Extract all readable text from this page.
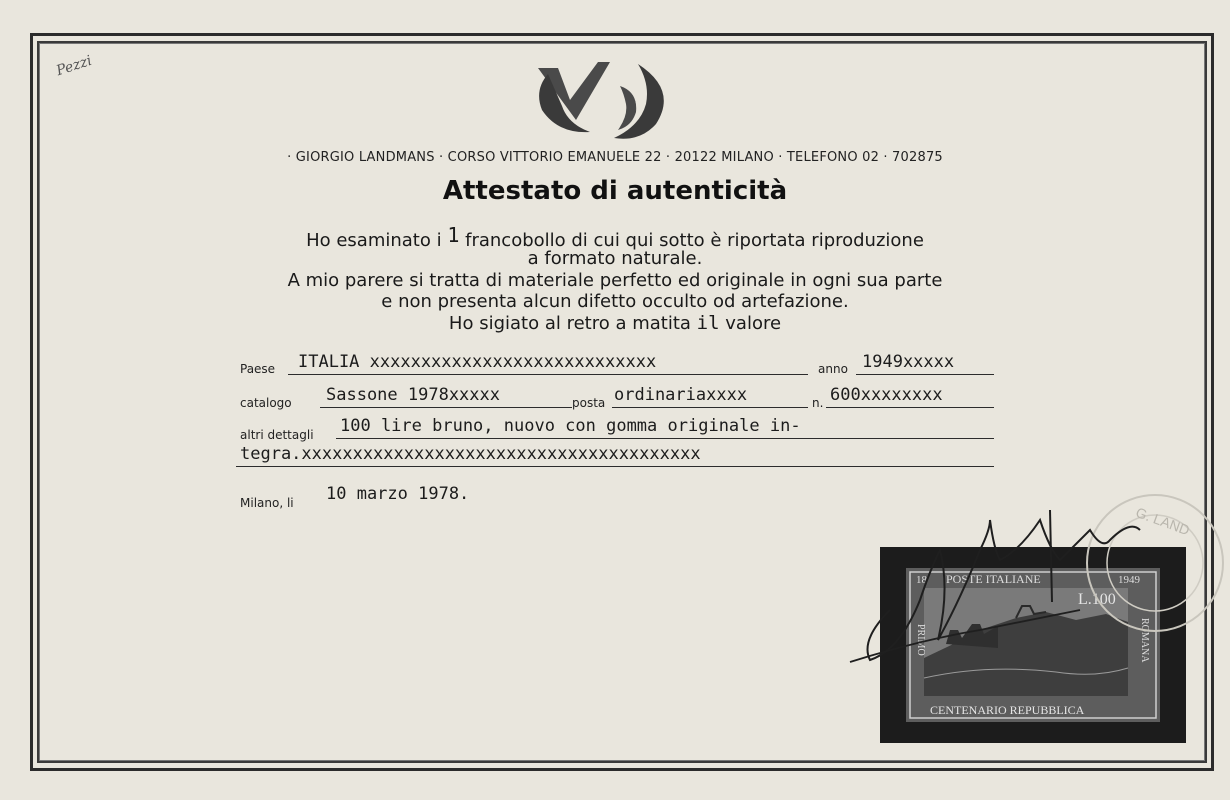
Pezzi
· GIORGIO LANDMANS · CORSO VITTORIO EMANUELE 22 · 20122 MILANO · TELEFONO 02 · 702875
Attestato di autenticità
Ho esaminato i 1 francobollo di cui qui sotto è riportata riproduzione
a formato naturale.
A mio parere si tratta di materiale perfetto ed originale in ogni sua parte
e non presenta alcun difetto occulto od artefazione.
Ho sigiato al retro a matita il valore
Paese ITALIA xxxxxxxxxxxxxxxxxxxxxxxxxxxx	anno 1949xxxxx
catalogo Sassone 1978xxxxx	posta ordinariaxxxx	n. 600xxxxxxxx
altri dettagli 100 lire bruno, nuovo con gomma originale in-
tegra.xxxxxxxxxxxxxxxxxxxxxxxxxxxxxxxxxxxxxxx
Milano, li 10 marzo 1978.
18 POSTE ITALIANE	1949
L.100
PRIMO	ROMANA
CENTENARIO REPUBBLICA
G. LAND
